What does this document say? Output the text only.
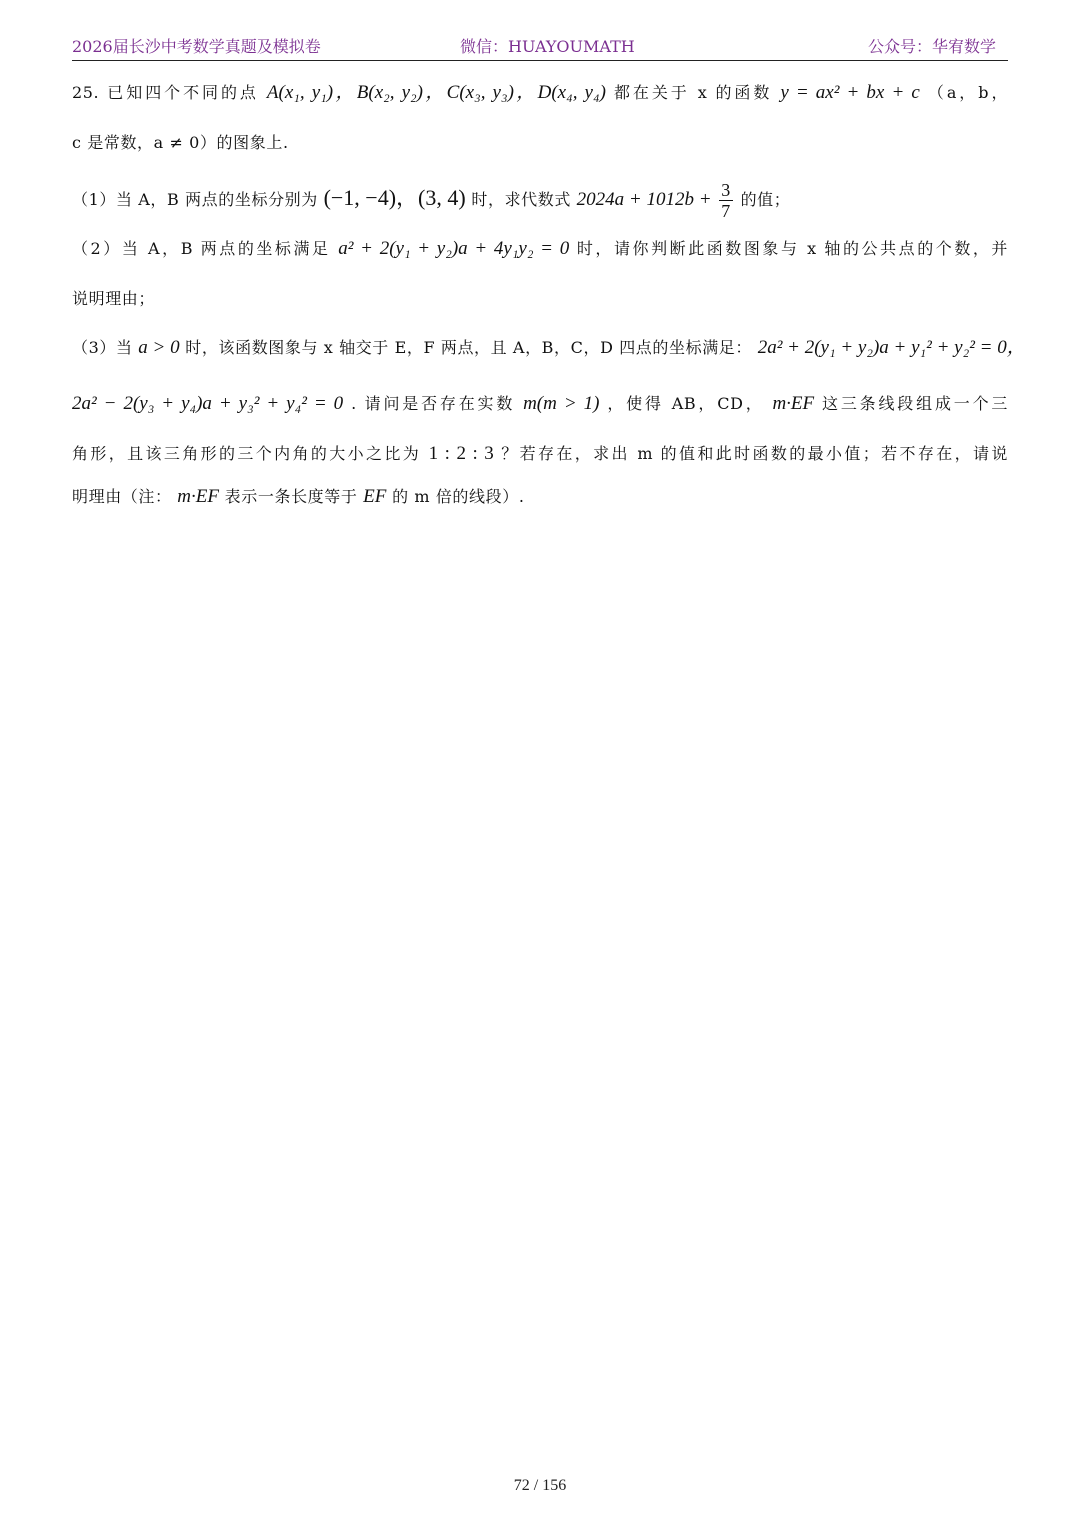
2026届长沙中考数学真题及模拟卷	微信：HUAYOUMATH	公众号：华宥数学
25. 已知四个不同的点 A(x₁, y₁)，B(x₂, y₂)，C(x₃, y₃)，D(x₄, y₄) 都在关于 x 的函数 y = ax² + bx + c （a，b，
c 是常数，a ≠ 0）的图象上.
（1）当 A，B 两点的坐标分别为 (−1, −4)，(3, 4) 时，求代数式 $2024a + 1012b + \frac{3}{7}$ 的值；
（2）当 A，B 两点的坐标满足 a² + 2(y₁ + y₂)a + 4y₁y₂ = 0 时，请你判断此函数图象与 x 轴的公共点的个数，并
说明理由；
（3）当 a > 0 时，该函数图象与 x 轴交于 E，F 两点，且 A，B，C，D 四点的坐标满足： 2a² + 2(y₁ + y₂)a + y₁² + y₂² = 0，
2a² − 2(y₃ + y₄)a + y₃² + y₄² = 0 . 请问是否存在实数 m(m > 1) ，使得 AB，CD， m·EF 这三条线段组成一个三
角形，且该三角形的三个内角的大小之比为 1 : 2 : 3 ？若存在，求出 m 的值和此时函数的最小值；若不存在，请说
明理由（注： m·EF 表示一条长度等于 EF 的 m 倍的线段）.
72 / 156
